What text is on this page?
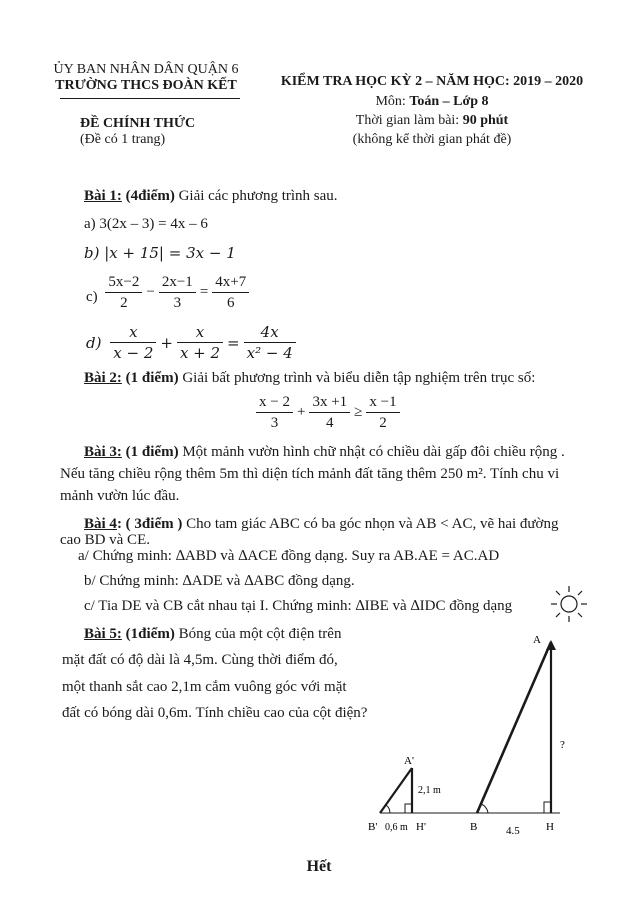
ỦY BAN NHÂN DÂN QUẬN 6
TRƯỜNG THCS ĐOÀN KẾT
ĐỀ CHÍNH THỨC
(Đề có 1 trang)
KIỂM TRA HỌC KỲ 2 – NĂM HỌC: 2019 – 2020
Môn: Toán – Lớp 8
Thời gian làm bài: 90 phút
(không kể thời gian phát đề)
Bài 1: (4điểm) Giải các phương trình sau.
a) 3(2x – 3) = 4x – 6
b) |x + 15| = 3x − 1
$c) \frac{5x-2}{2} - \frac{2x-1}{3} = \frac{4x+7}{6}$
$d) \frac{x}{x - 2} + \frac{x}{x + 2} = \frac{4x}{\text{x² − 4}}$
Bài 2: (1 điểm) Giải bất phương trình và biểu diễn tập nghiệm trên trục số:
$\frac{x - 2}{3} + \frac{3x +1}{4} \ge \frac{x -1}{2}$
Bài 3: (1 điểm) Một mảnh vườn hình chữ nhật có chiều dài gấp đôi chiều rộng .
Nếu tăng chiều rộng thêm 5m thì diện tích mảnh đất tăng thêm 250 m². Tính chu vi
mảnh vườn lúc đầu.
Bài 4: ( 3điểm ) Cho tam giác ABC có ba góc nhọn và AB < AC, vẽ hai đường
cao BD và CE.
a/ Chứng minh: ∆ABD và ∆ACE đồng dạng. Suy ra AB.AE = AC.AD
b/ Chứng minh: ∆ADE và ∆ABC đồng dạng.
c/ Tia DE và CB cắt nhau tại I. Chứng minh: ∆IBE và ∆IDC đồng dạng
Bài 5: (1điểm) Bóng của một cột điện trên
mặt đất có độ dài là 4,5m. Cùng thời điểm đó,
một thanh sắt cao 2,1m cắm vuông góc với mặt
đất có bóng dài 0,6m. Tính chiều cao của cột điện?
A
A'
B'	H'	B	H
?
2,1 m
0,6 m	4.5
Hết
